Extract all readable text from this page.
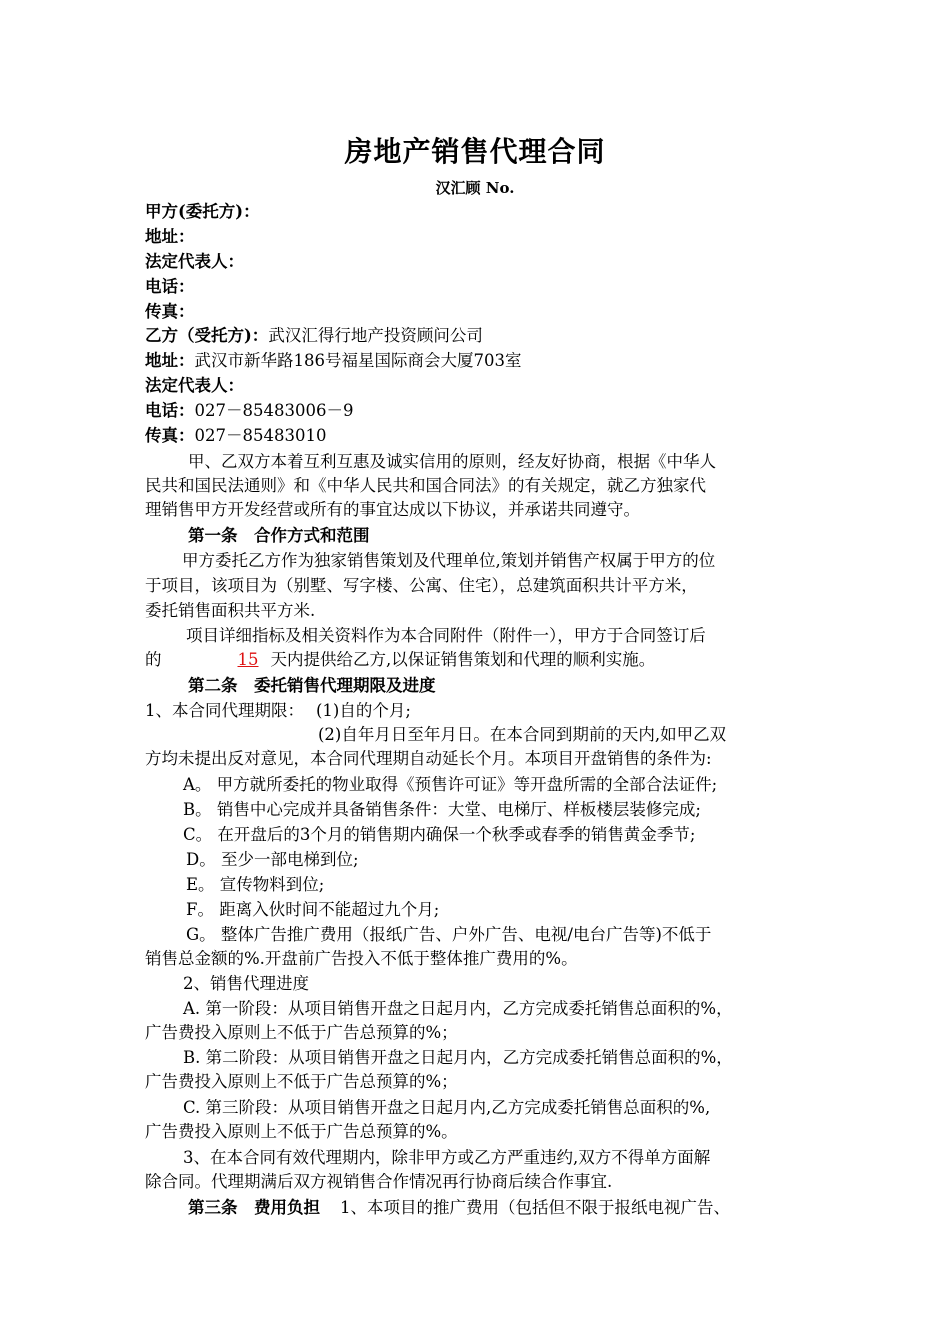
房地产销售代理合同
汉汇顾 No.
甲方(委托方)：
地址：
法定代表人：
电话：
传真：
乙方（受托方)：武汉汇得行地产投资顾问公司
地址：武汉市新华路186号福星国际商会大厦703室
法定代表人：
电话：027－85483006－9
传真：027－85483010
甲、乙双方本着互利互惠及诚实信用的原则，经友好协商，根据《中华人
民共和国民法通则》和《中华人民共和国合同法》的有关规定，就乙方独家代
理销售甲方开发经营或所有的事宜达成以下协议，并承诺共同遵守。
第一条　合作方式和范围
甲方委托乙方作为独家销售策划及代理单位,策划并销售产权属于甲方的位
于项目，该项目为（别墅、写字楼、公寓、住宅），总建筑面积共计平方米，
委托销售面积共平方米.
项目详细指标及相关资料作为本合同附件（附件一），甲方于合同签订后
的	15 天内提供给乙方,以保证销售策划和代理的顺利实施。
第二条　委托销售代理期限及进度
1、本合同代理期限： (1)自的个月;
(2)自年月日至年月日。在本合同到期前的天内,如甲乙双
方均未提出反对意见，本合同代理期自动延长个月。本项目开盘销售的条件为:
A。 甲方就所委托的物业取得《预售许可证》等开盘所需的全部合法证件;
B。 销售中心完成并具备销售条件：大堂、电梯厅、样板楼层装修完成;
C。 在开盘后的3个月的销售期内确保一个秋季或春季的销售黄金季节;
D。 至少一部电梯到位;
E。 宣传物料到位;
F。 距离入伙时间不能超过九个月;
G。 整体广告推广费用（报纸广告、户外广告、电视/电台广告等)不低于
销售总金额的%.开盘前广告投入不低于整体推广费用的%。
2、销售代理进度
A. 第一阶段：从项目销售开盘之日起月内，乙方完成委托销售总面积的%，
广告费投入原则上不低于广告总预算的%；
B. 第二阶段：从项目销售开盘之日起月内，乙方完成委托销售总面积的%，
广告费投入原则上不低于广告总预算的%；
C. 第三阶段：从项目销售开盘之日起月内,乙方完成委托销售总面积的%,
广告费投入原则上不低于广告总预算的%。
3、在本合同有效代理期内，除非甲方或乙方严重违约,双方不得单方面解
除合同。代理期满后双方视销售合作情况再行协商后续合作事宜.
第三条　费用负担 1、本项目的推广费用（包括但不限于报纸电视广告、
